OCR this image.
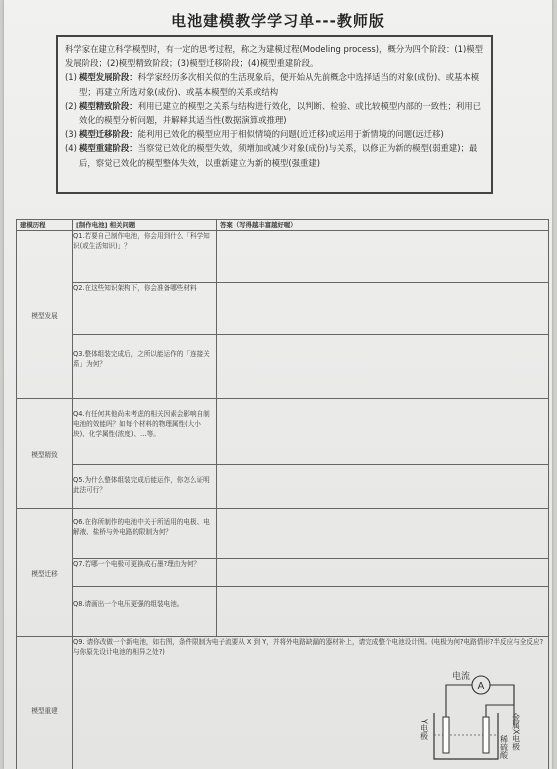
电池建模教学学习单---教师版

科学家在建立科学模型时，有一定的思考过程，称之为建模过程(Modeling process)，概分为四个阶段：(1)模型发展阶段；(2)模型精致阶段；(3)模型迁移阶段；(4)模型重建阶段。

(1) 模型发展阶段：科学家经历多次相关似的生活现象后，便开始从先前概念中选择适当的对象(成份)、或基本模型；再建立所选对象(成份)、或基本模型的关系或结构
(2) 模型精致阶段：利用已建立的模型之关系与结构进行效化，以判断、检验、或比较模型内部的一致性；利用已效化的模型分析问题，并解释其适当性(数据演算或推理)
(3) 模型迁移阶段：能利用已效化的模型应用于相似情境的问题(近迁移)或运用于新情境的问题(远迁移)
(4) 模型重建阶段：当察觉已效化的模型失效，须增加或减少对象(成份)与关系，以修正为新的模型(弱重建)；最后，察觉已效化的模型整体失效，以重新建立为新的模型(强重建)
建模历程	[制作电池] 相关问题	答案（写得越丰富越好喔）
模型发展	Q1.若要自己制作电池，你会用到什么「科学知识(或生活知识)」？	
	Q2.在这些知识架构下，你会准备哪些材料	
	Q3.整体组装完成后，之所以能运作的「连接关系」为何？	
模型精致	Q4.有任何其他尚未考虑的相关因素会影响自制电池的效能吗？如每个材料的物理属性(大小块)、化学属性(浓度)、…等。	
	Q5.为什么整体组装完成后能运作，你怎么证明此法可行？	
模型迁移	Q6.在你所制作的电池中关于所适用的电极、电解液、盐桥与外电路的限制为何？	
	Q7.若哪一个电极可更换成石墨?理由为何？	
	Q8.请画出一个电压更强的组装电池。	
模型重建	Q9. 请你改做一个新电池，如右图，条件限制为电子流要从 X 到 Y，并将外电路缺漏的器材补上，请完成整个电池设计图。(电极为何?电路情形?半反应与全反应?与你原先设计电池的相异之处?)	
电流
A
金属X电极
Y电极
稀硫酸
